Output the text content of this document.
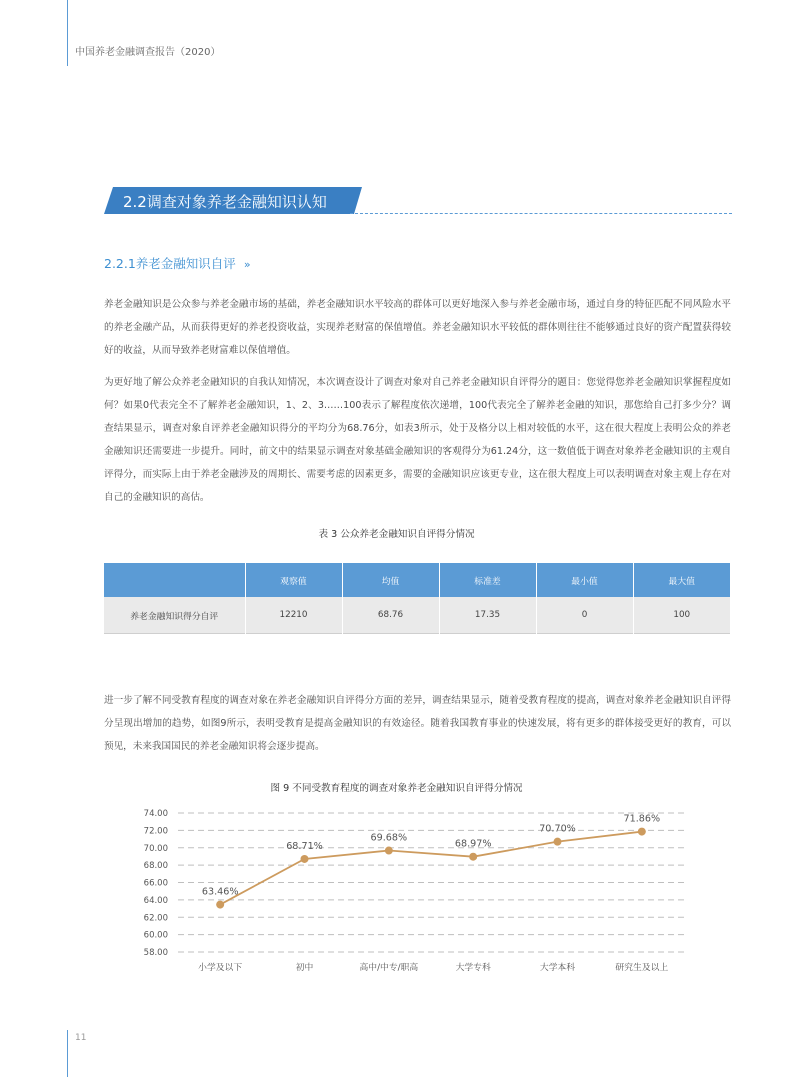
中国养老金融调查报告（2020）
2.2调查对象养老金融知识认知
2.2.1养老金融知识自评 »
养老金融知识是公众参与养老金融市场的基础，养老金融知识水平较高的群体可以更好地深入参与养老金融市场，通过自身的特征匹配不同风险水平的养老金融产品，从而获得更好的养老投资收益，实现养老财富的保值增值。养老金融知识水平较低的群体则往往不能够通过良好的资产配置获得较好的收益，从而导致养老财富难以保值增值。
为更好地了解公众养老金融知识的自我认知情况，本次调查设计了调查对象对自己养老金融知识自评得分的题目：您觉得您养老金融知识掌握程度如何？如果0代表完全不了解养老金融知识，1、2、3……100表示了解程度依次递增，100代表完全了解养老金融的知识，那您给自己打多少分？调查结果显示，调查对象自评养老金融知识得分的平均分为68.76分，如表3所示，处于及格分以上相对较低的水平，这在很大程度上表明公众的养老金融知识还需要进一步提升。同时，前文中的结果显示调查对象基础金融知识的客观得分为61.24分，这一数值低于调查对象养老金融知识的主观自评得分，而实际上由于养老金融涉及的周期长、需要考虑的因素更多，需要的金融知识应该更专业，这在很大程度上可以表明调查对象主观上存在对自己的金融知识的高估。
表 3 公众养老金融知识自评得分情况
	观察值	均值	标准差	最小值	最大值
养老金融知识得分自评	12210	68.76	17.35	0	100
进一步了解不同受教育程度的调查对象在养老金融知识自评得分方面的差异，调查结果显示，随着受教育程度的提高，调查对象养老金融知识自评得分呈现出增加的趋势，如图9所示，表明受教育是提高金融知识的有效途径。随着我国教育事业的快速发展，将有更多的群体接受更好的教育，可以预见，未来我国国民的养老金融知识将会逐步提高。
图 9 不同受教育程度的调查对象养老金融知识自评得分情况
58.00
60.00
62.00
64.00
66.00
68.00
70.00
72.00
74.00
小学及以下	初中	高中/中专/职高	大学专科	大学本科	研究生及以上
63.46%
68.71%
69.68%
68.97%
70.70%
71.86%
11
